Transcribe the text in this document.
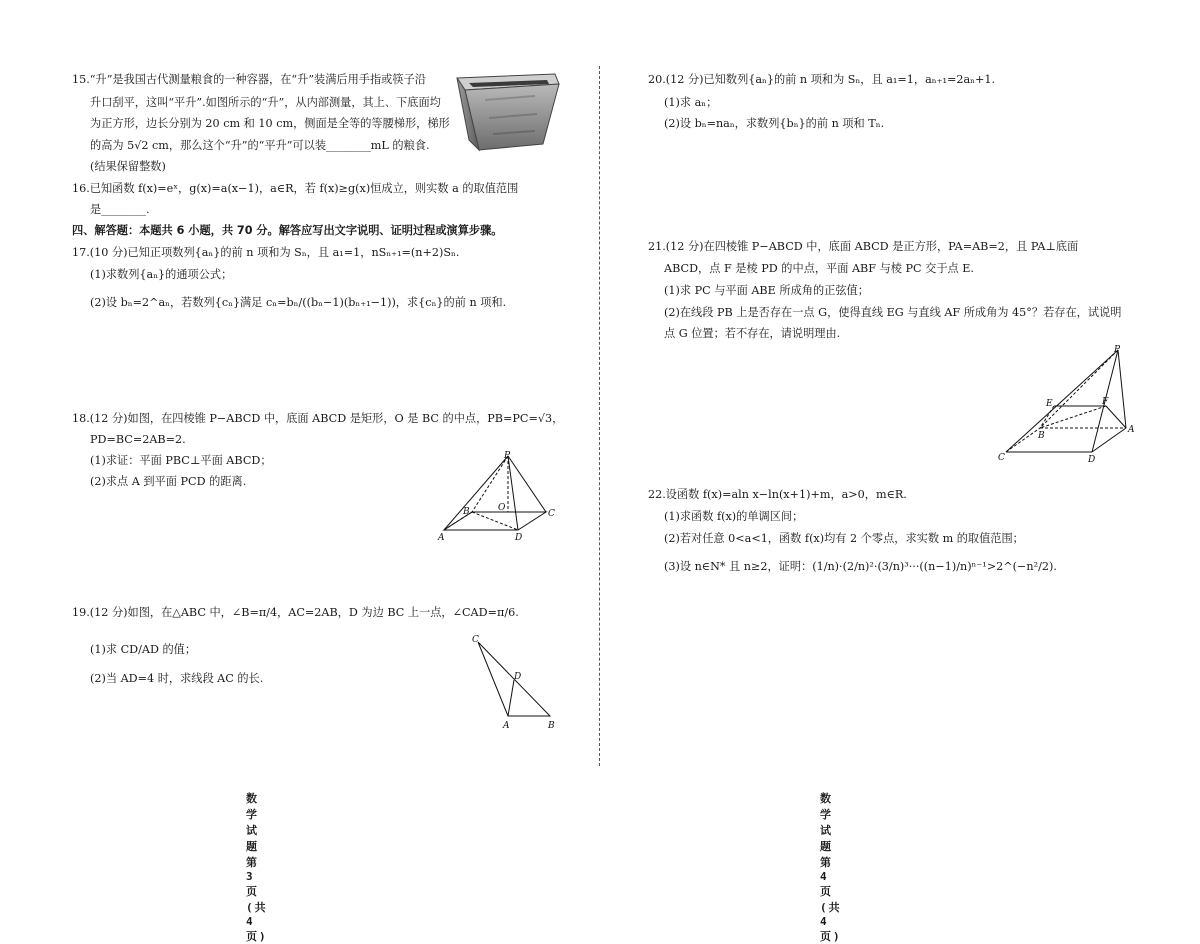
15.“升”是我国古代测量粮食的一种容器，在“升”装满后用手指或筷子沿
升口刮平，这叫“平升”.如图所示的“升”，从内部测量，其上、下底面均
为正方形，边长分别为 20 cm 和 10 cm，侧面是全等的等腰梯形，梯形
的高为 5√2 cm，那么这个“升”的“平升”可以装________mL 的粮食.
(结果保留整数)
16.已知函数 f(x)=eˣ，g(x)=a(x−1)，a∈R，若 f(x)≥g(x)恒成立，则实数 a 的取值范围
是________.
四、解答题：本题共 6 小题，共 70 分。解答应写出文字说明、证明过程或演算步骤。
17.(10 分)已知正项数列{aₙ}的前 n 项和为 Sₙ，且 a₁=1，nSₙ₊₁=(n+2)Sₙ.
(1)求数列{aₙ}的通项公式；
(2)设 bₙ=2^aₙ，若数列{cₙ}满足 cₙ=bₙ/((bₙ−1)(bₙ₊₁−1))，求{cₙ}的前 n 项和.
18.(12 分)如图，在四棱锥 P−ABCD 中，底面 ABCD 是矩形，O 是 BC 的中点，PB=PC=√3，
PD=BC=2AB=2.
(1)求证：平面 PBC⊥平面 ABCD；
(2)求点 A 到平面 PCD 的距离.
P
A
B	O
C
D
19.(12 分)如图，在△ABC 中，∠B=π/4，AC=2AB，D 为边 BC 上一点，∠CAD=π/6.
(1)求 CD/AD 的值；
(2)当 AD=4 时，求线段 AC 的长.
C
D
A	B
数学试题 第 3 页(共 4 页)
20.(12 分)已知数列{aₙ}的前 n 项和为 Sₙ，且 a₁=1，aₙ₊₁=2aₙ+1.
(1)求 aₙ；
(2)设 bₙ=naₙ，求数列{bₙ}的前 n 项和 Tₙ.
21.(12 分)在四棱锥 P−ABCD 中，底面 ABCD 是正方形，PA=AB=2，且 PA⊥底面
ABCD，点 F 是棱 PD 的中点，平面 ABF 与棱 PC 交于点 E.
(1)求 PC 与平面 ABE 所成角的正弦值；
(2)在线段 PB 上是否存在一点 G，使得直线 EG 与直线 AF 所成角为 45°？若存在，试说明
点 G 位置；若不存在，请说明理由.
P
E	F
B
A
C	D
22.设函数 f(x)=aln x−ln(x+1)+m，a>0，m∈R.
(1)求函数 f(x)的单调区间；
(2)若对任意 0<a<1，函数 f(x)均有 2 个零点，求实数 m 的取值范围；
(3)设 n∈N* 且 n≥2，证明：(1/n)·(2/n)²·(3/n)³···((n−1)/n)ⁿ⁻¹>2^(−n²/2).
数学试题 第 4 页(共 4 页)
